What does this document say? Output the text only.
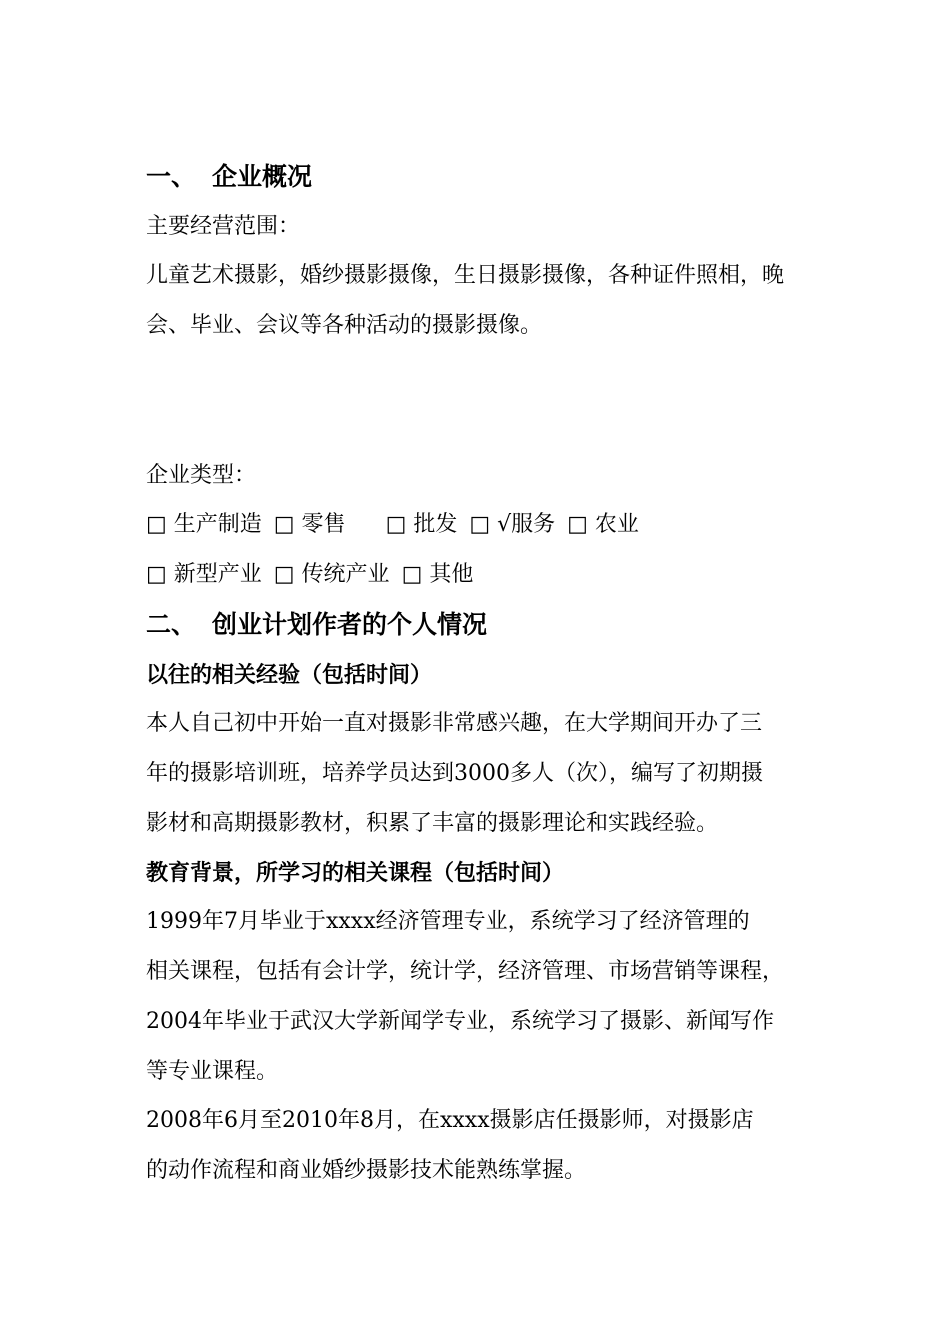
一、 企业概况
主要经营范围：
儿童艺术摄影，婚纱摄影摄像，生日摄影摄像，各种证件照相，晚
会、毕业、会议等各种活动的摄影摄像。
企业类型：
□ 生产制造 □ 零售 □ 批发 □ √服务 □ 农业
□ 新型产业 □ 传统产业 □ 其他
二、 创业计划作者的个人情况
以往的相关经验（包括时间）
本人自己初中开始一直对摄影非常感兴趣，在大学期间开办了三
年的摄影培训班，培养学员达到3000多人（次），编写了初期摄
影材和高期摄影教材，积累了丰富的摄影理论和实践经验。
教育背景，所学习的相关课程（包括时间）
1999年7月毕业于xxxx经济管理专业，系统学习了经济管理的
相关课程，包括有会计学，统计学，经济管理、市场营销等课程，
2004年毕业于武汉大学新闻学专业，系统学习了摄影、新闻写作
等专业课程。
2008年6月至2010年8月，在xxxx摄影店任摄影师，对摄影店
的动作流程和商业婚纱摄影技术能熟练掌握。
